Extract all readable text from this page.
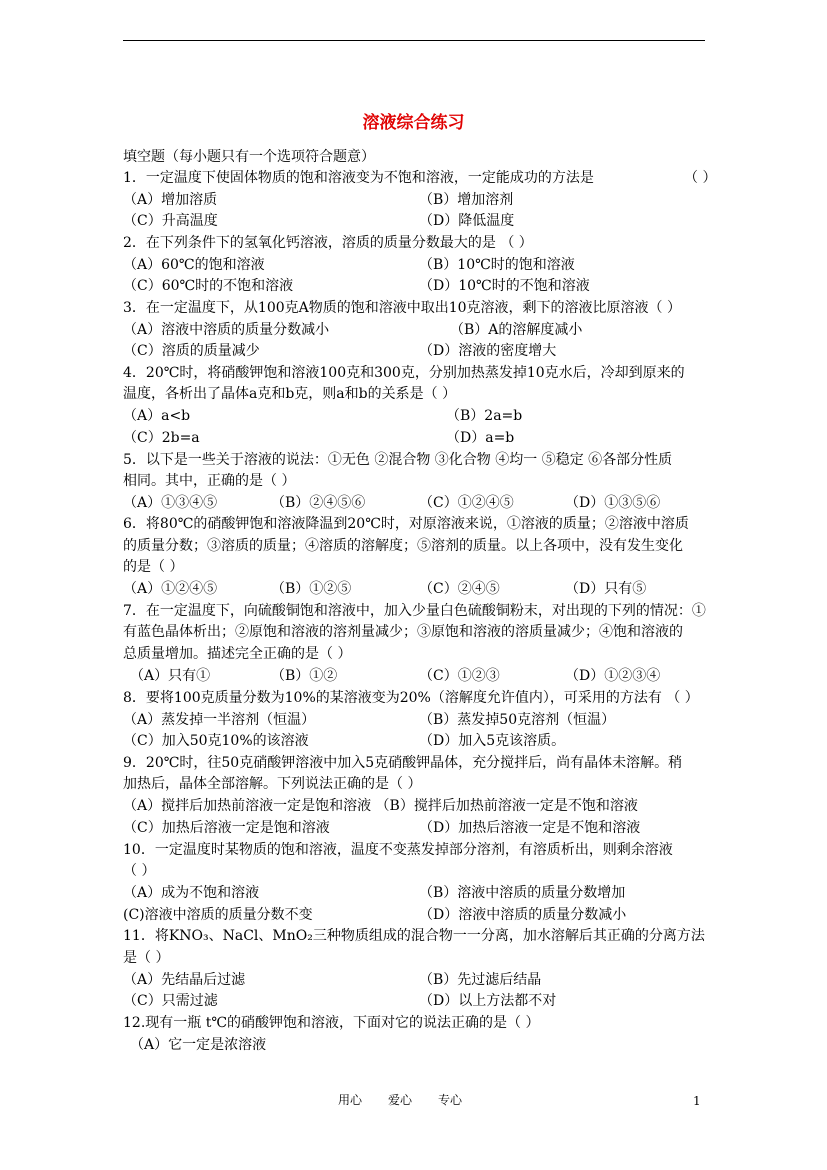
溶液综合练习
填空题（每小题只有一个选项符合题意）
1．一定温度下使固体物质的饱和溶液变为不饱和溶液，一定能成功的方法是	（ ）
（A）增加溶质	（B）增加溶剂
（C）升高温度	（D）降低温度
2．在下列条件下的氢氧化钙溶液，溶质的质量分数最大的是 （ ）
（A）60℃的饱和溶液	（B）10℃时的饱和溶液
（C）60℃时的不饱和溶液	（D）10℃时的不饱和溶液
3．在一定温度下，从100克A物质的饱和溶液中取出10克溶液，剩下的溶液比原溶液（ ）
（A）溶液中溶质的质量分数减小	（B）A的溶解度减小
（C）溶质的质量减少	（D）溶液的密度增大
4．20℃时，将硝酸钾饱和溶液100克和300克，分别加热蒸发掉10克水后，冷却到原来的
温度，各析出了晶体a克和b克，则a和b的关系是（ ）
（A）a<b	（B）2a=b
（C）2b=a	（D）a=b
5．以下是一些关于溶液的说法：①无色 ②混合物 ③化合物 ④均一 ⑤稳定 ⑥各部分性质
相同。其中，正确的是（ ）
（A）①③④⑤	（B）②④⑤⑥	（C）①②④⑤	（D）①③⑤⑥
6．将80℃的硝酸钾饱和溶液降温到20℃时，对原溶液来说，①溶液的质量；②溶液中溶质
的质量分数；③溶质的质量；④溶质的溶解度；⑤溶剂的质量。以上各项中，没有发生变化
的是（ ）
（A）①②④⑤	（B）①②⑤	（C）②④⑤	（D）只有⑤
7．在一定温度下，向硫酸铜饱和溶液中，加入少量白色硫酸铜粉末，对出现的下列的情况：①
有蓝色晶体析出；②原饱和溶液的溶剂量减少；③原饱和溶液的溶质量减少；④饱和溶液的
总质量增加。描述完全正确的是（ ）
（A）只有①	（B）①②	（C）①②③	（D）①②③④
8．要将100克质量分数为10%的某溶液变为20%（溶解度允许值内），可采用的方法有 （ ）
（A）蒸发掉一半溶剂（恒温）	（B）蒸发掉50克溶剂（恒温）
（C）加入50克10%的该溶液	（D）加入5克该溶质。
9．20℃时，往50克硝酸钾溶液中加入5克硝酸钾晶体，充分搅拌后，尚有晶体未溶解。稍
加热后，晶体全部溶解。下列说法正确的是（ ）
（A）搅拌后加热前溶液一定是饱和溶液 （B）搅拌后加热前溶液一定是不饱和溶液
（C）加热后溶液一定是饱和溶液	（D）加热后溶液一定是不饱和溶液
10．一定温度时某物质的饱和溶液，温度不变蒸发掉部分溶剂，有溶质析出，则剩余溶液
（ ）
（A）成为不饱和溶液	（B）溶液中溶质的质量分数增加
(C)溶液中溶质的质量分数不变	（D）溶液中溶质的质量分数减小
11．将KNO₃、NaCl、MnO₂三种物质组成的混合物一一分离，加水溶解后其正确的分离方法
是（ ）
（A）先结晶后过滤	（B）先过滤后结晶
（C）只需过滤	（D）以上方法都不对
12.现有一瓶 t℃的硝酸钾饱和溶液，下面对它的说法正确的是（ ）
（A）它一定是浓溶液
用心 爱心 专心	1
